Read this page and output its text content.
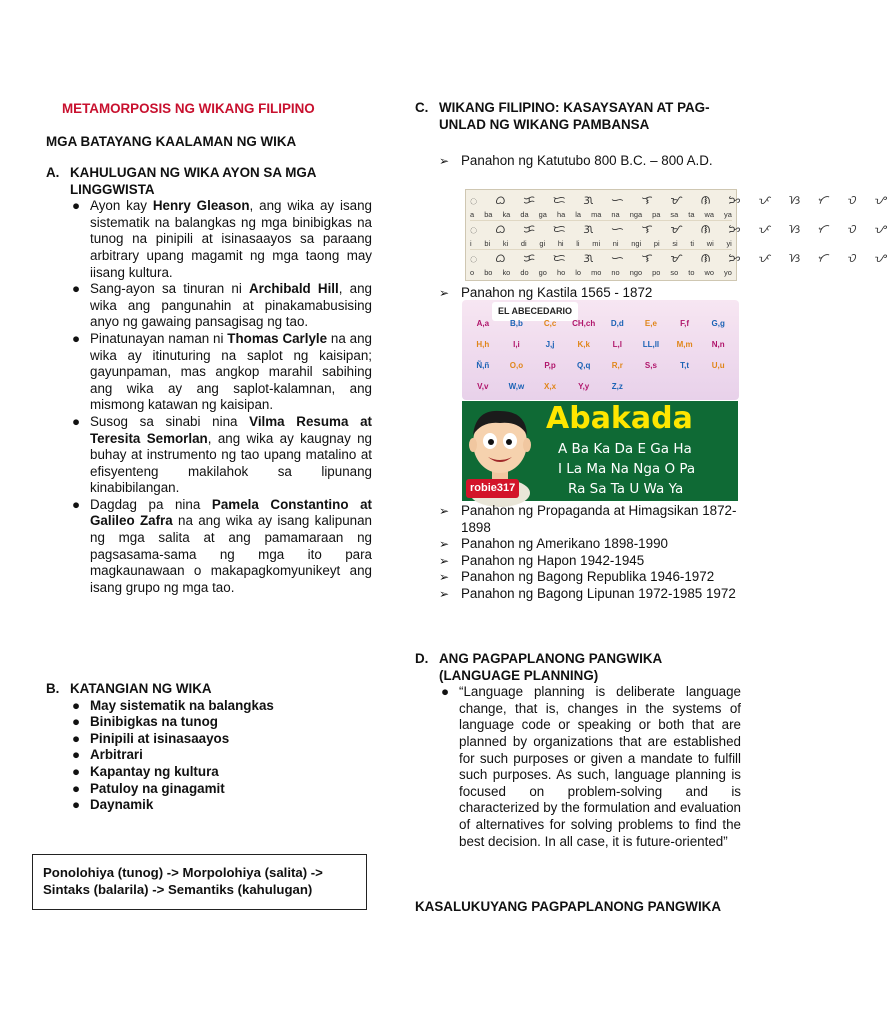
METAMORPOSIS NG WIKANG FILIPINO
MGA BATAYANG KAALAMAN NG WIKA
A. KAHULUGAN NG WIKA AYON SA MGA LINGGWISTA
● Ayon kay Henry Gleason, ang wika ay isang sistematik na balangkas ng mga binibigkas na tunog na pinipili at isinasaayos sa paraang arbitrary upang magamit ng mga taong may iisang kultura.
● Sang-ayon sa tinuran ni Archibald Hill, ang wika ang pangunahin at pinakamabusising anyo ng gawaing pansagisag ng tao.
● Pinatunayan naman ni Thomas Carlyle na ang wika ay itinuturing na saplot ng kaisipan; gayunpaman, mas angkop marahil sabihing ang wika ay ang saplot-kalamnan, ang mismong katawan ng kaisipan.
● Susog sa sinabi nina Vilma Resuma at Teresita Semorlan, ang wika ay kaugnay ng buhay at instrumento ng tao upang matalino at efisyenteng makilahok sa lipunang kinabibilangan.
● Dagdag pa nina Pamela Constantino at Galileo Zafra na ang wika ay isang kalipunan ng mga salita at ang pamamaraan ng pagsasama-sama ng mga ito para magkaunawaan o makapagkomyunikeyt ang isang grupo ng mga tao.
B. KATANGIAN NG WIKA
● May sistematik na balangkas
● Binibigkas na tunog
● Pinipili at isinasaayos
● Arbitrari
● Kapantay ng kultura
● Patuloy na ginagamit
● Daynamik
Ponolohiya (tunog) -> Morpolohiya (salita) -> Sintaks (balarila) -> Semantiks (kahulugan)
C. WIKANG FILIPINO: KASAYSAYAN AT PAG-UNLAD NG WIKANG PAMBANSA
➢ Panahon ng Katutubo 800 B.C. – 800 A.D.
ᜀ ᜊ ᜃ ᜇ ᜄ ᜑ ᜎ ᜋ ᜈ ᜅ ᜉ ᜐ ᜆ ᜏ ᜌ
a ba ka da ga ha la ma na nga pa sa ta wa ya
ᜀ ᜊ ᜃ ᜇ ᜄ ᜑ ᜎ ᜋ ᜈ ᜅ ᜉ ᜐ ᜆ ᜏ ᜌ
i bi ki di gi hi li mi ni ngi pi si ti wi yi
ᜀ ᜊ ᜃ ᜇ ᜄ ᜑ ᜎ ᜋ ᜈ ᜅ ᜉ ᜐ ᜆ ᜏ ᜌ
o bo ko do go ho lo mo no ngo po so to wo yo
➢ Panahon ng Kastila 1565 - 1872
EL ABECEDARIO
A,a	B,b	C,c	CH,ch	D,d	E,e	F,f	G,g
H,h	I,i	J,j	K,k	L,l	LL,ll	M,m	N,n
Ñ,ñ	O,o	P,p	Q,q	R,r	S,s	T,t	U,u
V,v	W,w	X,x	Y,y	Z,z
robie317
Abakada
A Ba Ka Da E Ga Ha
I La Ma Na Nga O Pa
Ra Sa Ta U Wa Ya
➢ Panahon ng Propaganda at Himagsikan 1872-1898
➢ Panahon ng Amerikano 1898-1990
➢ Panahon ng Hapon 1942-1945
➢ Panahon ng Bagong Republika 1946-1972
➢ Panahon ng Bagong Lipunan 1972-1985 1972
D. ANG PAGPAPLANONG PANGWIKA (LANGUAGE PLANNING)
● “Language planning is deliberate language change, that is, changes in the systems of language code or speaking or both that are planned by organizations that are established for such purposes or given a mandate to fulfill such purposes. As such, language planning is focused on problem-solving and is characterized by the formulation and evaluation of alternatives for solving problems to find the best decision. In all case, it is future-oriented”
KASALUKUYANG PAGPAPLANONG PANGWIKA
